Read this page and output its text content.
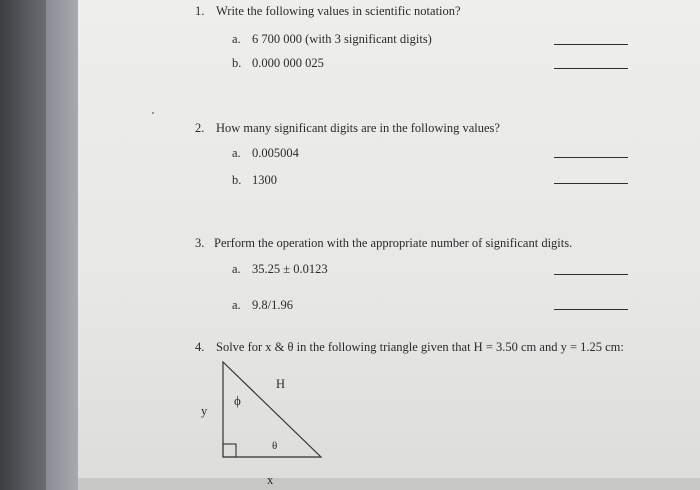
1. Write the following values in scientific notation?
a. 6 700 000 (with 3 significant digits)
b. 0.000 000 025
2. How many significant digits are in the following values?
a. 0.005004
b. 1300
3. Perform the operation with the appropriate number of significant digits.
a. 35.25 ± 0.0123
a. 9.8/1.96
4. Solve for x & θ in the following triangle given that H = 3.50 cm and y = 1.25 cm:
H
y
ϕ
θ
x
